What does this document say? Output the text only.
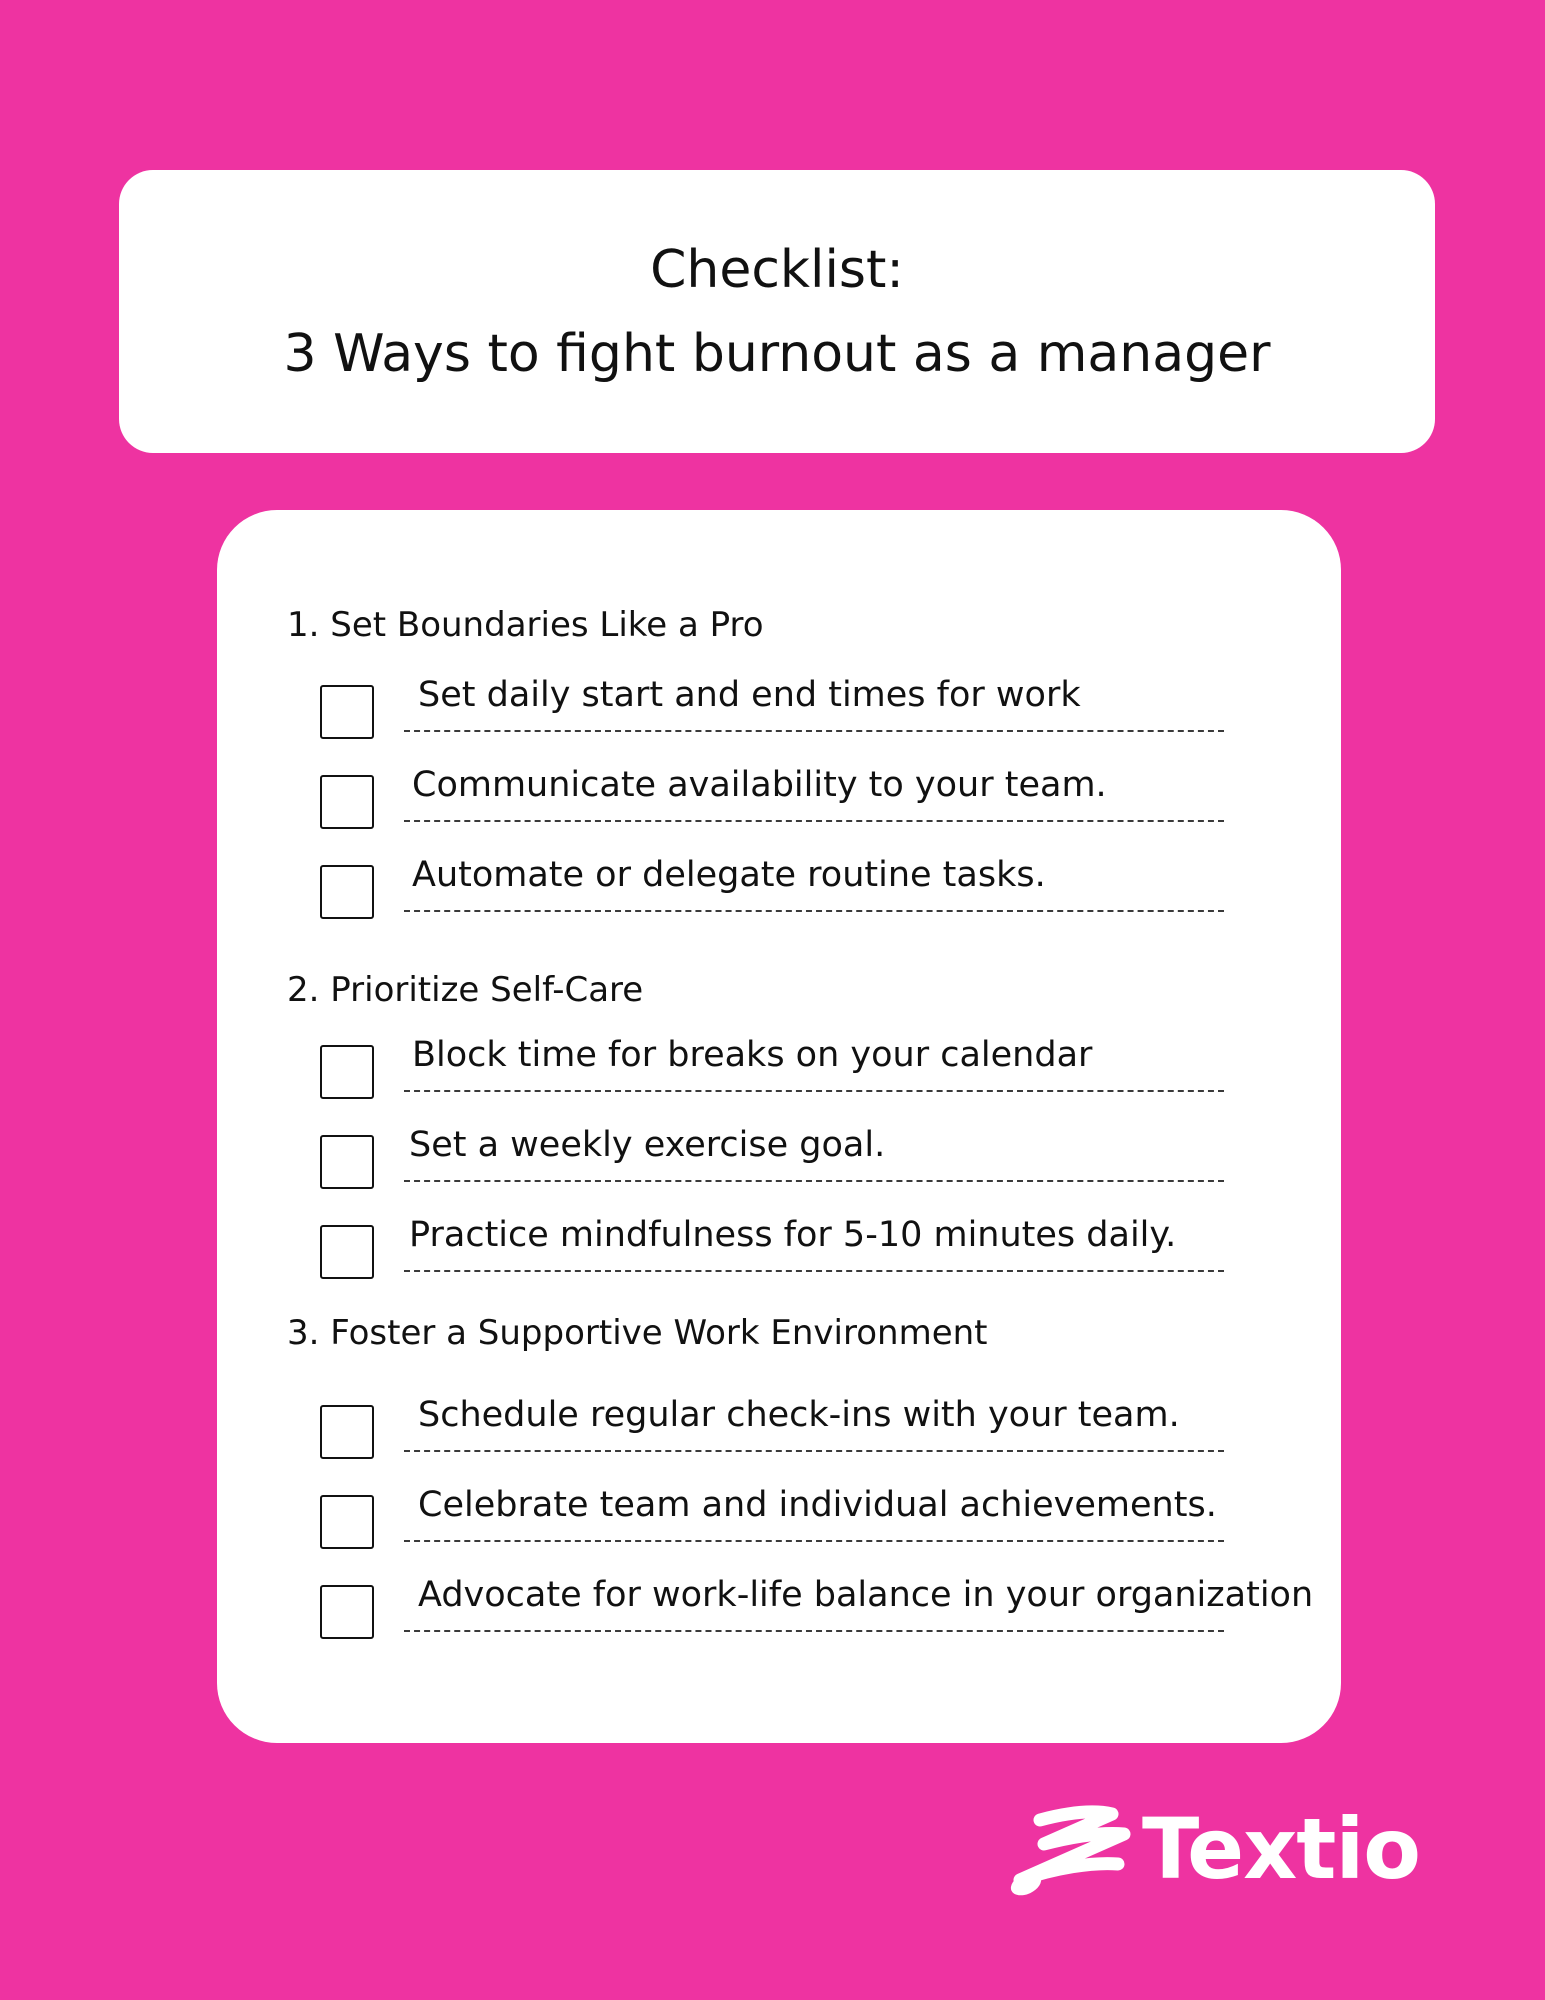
Checklist:
3 Ways to fight burnout as a manager
1. Set Boundaries Like a Pro
Set daily start and end times for work
Communicate availability to your team.
Automate or delegate routine tasks.
2. Prioritize Self-Care
Block time for breaks on your calendar
Set a weekly exercise goal.
Practice mindfulness for 5-10 minutes daily.
3. Foster a Supportive Work Environment
Schedule regular check-ins with your team.
Celebrate team and individual achievements.
Advocate for work-life balance in your organization
Textio
